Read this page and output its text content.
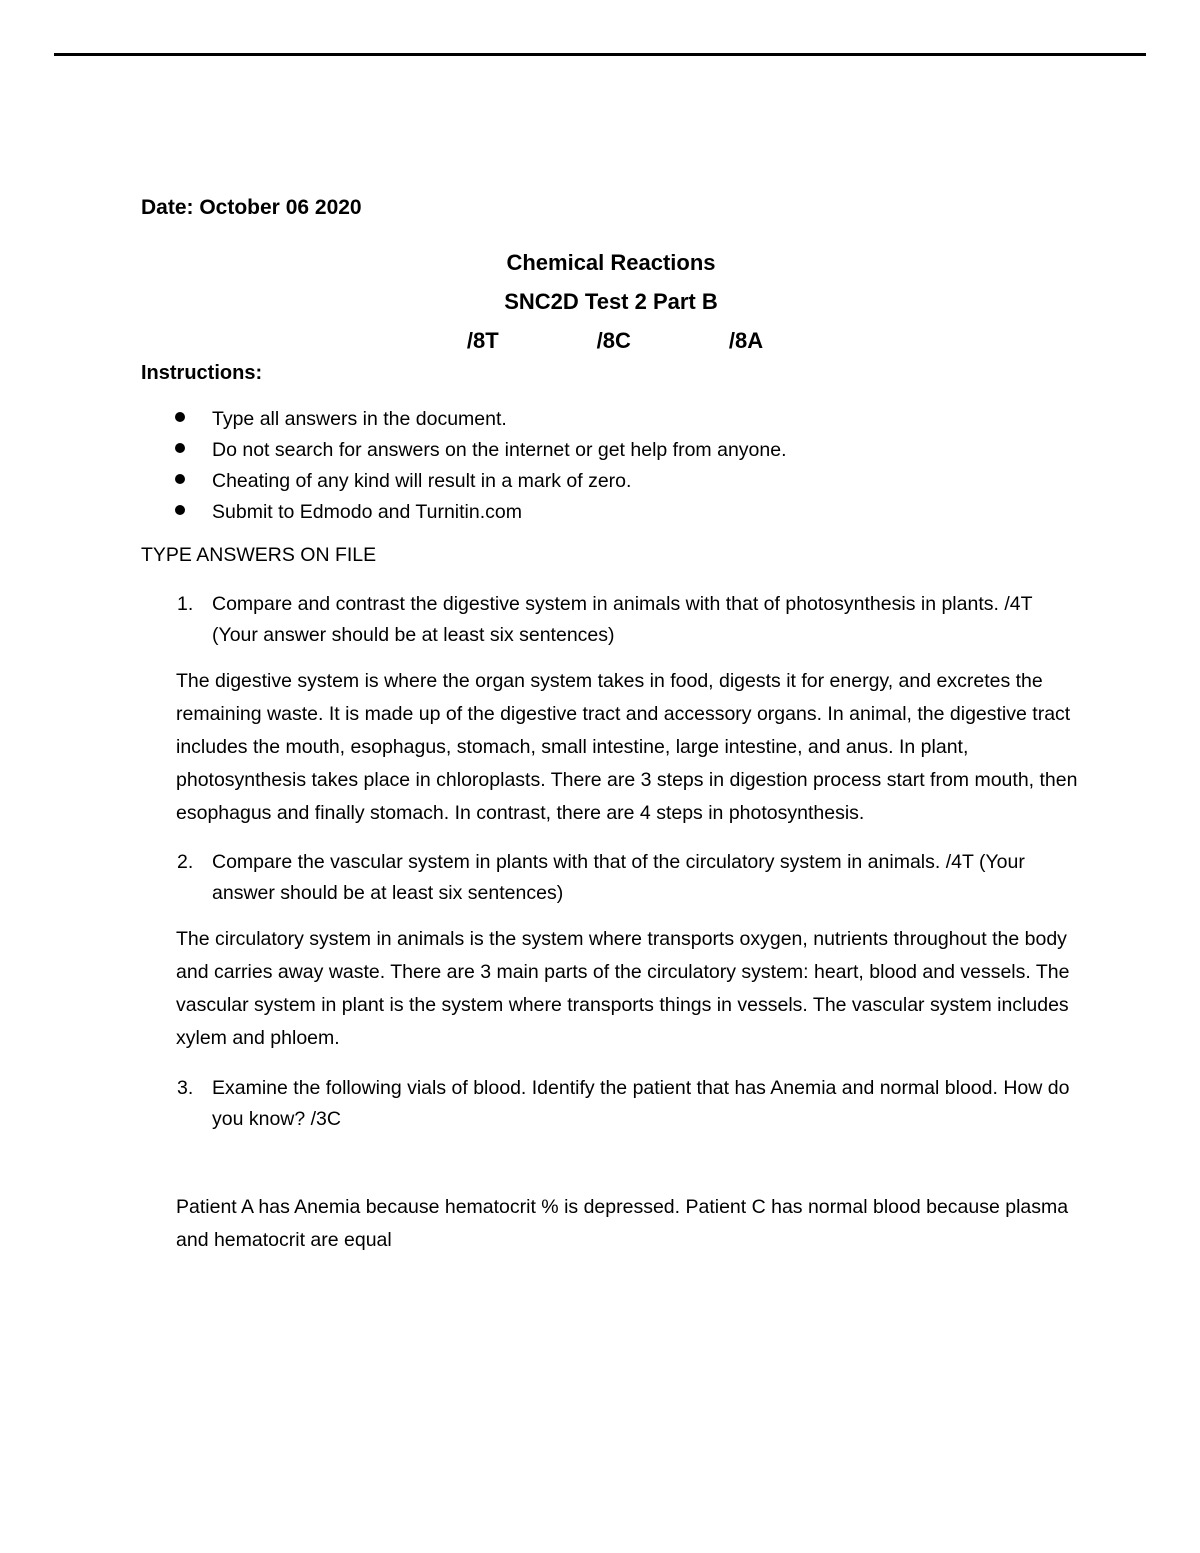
Date: October 06 2020

Chemical Reactions
SNC2D Test 2 Part B
/8T	/8C	/8A

Instructions:

Type all answers in the document.
Do not search for answers on the internet or get help from anyone.
Cheating of any kind will result in a mark of zero.
Submit to Edmodo and Turnitin.com
TYPE ANSWERS ON FILE
1. Compare and contrast the digestive system in animals with that of photosynthesis in plants. /4T (Your answer should be at least six sentences)
The digestive system is where the organ system takes in food, digests it for energy, and excretes the remaining waste. It is made up of the digestive tract and accessory organs. In animal, the digestive tract includes the mouth, esophagus, stomach, small intestine, large intestine, and anus. In plant, photosynthesis takes place in chloroplasts. There are 3 steps in digestion process start from mouth, then esophagus and finally stomach. In contrast, there are 4 steps in photosynthesis.
2. Compare the vascular system in plants with that of the circulatory system in animals. /4T (Your answer should be at least six sentences)
The circulatory system in animals is the system where transports oxygen, nutrients throughout the body and carries away waste. There are 3 main parts of the circulatory system: heart, blood and vessels. The vascular system in plant is the system where transports things in vessels. The vascular system includes xylem and phloem.
3. Examine the following vials of blood. Identify the patient that has Anemia and normal blood. How do you know? /3C
Patient A has Anemia because hematocrit % is depressed. Patient C has normal blood because plasma and hematocrit are equal
